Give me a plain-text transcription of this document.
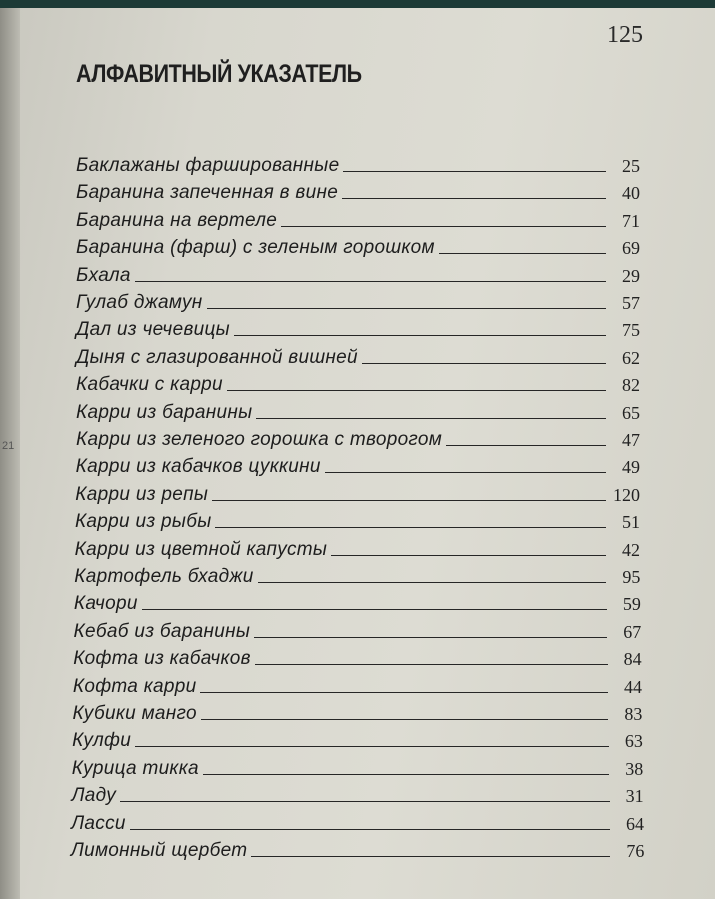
125
АЛФАВИТНЫЙ УКАЗАТЕЛЬ
21
Баклажаны фаршированные	25
Баранина запеченная в вине	40
Баранина на вертеле	71
Баранина (фарш) с зеленым горошком	69
Бхала	29
Гулаб джамун	57
Дал из чечевицы	75
Дыня с глазированной вишней	62
Кабачки с карри	82
Карри из баранины	65
Карри из зеленого горошка с творогом	47
Карри из кабачков цуккини	49
Карри из репы	120
Карри из рыбы	51
Карри из цветной капусты	42
Картофель бхаджи	95
Качори	59
Кебаб из баранины	67
Кофта из кабачков	84
Кофта карри	44
Кубики манго	83
Кулфи	63
Курица тикка	38
Ладу	31
Ласси	64
Лимонный щербет	76
